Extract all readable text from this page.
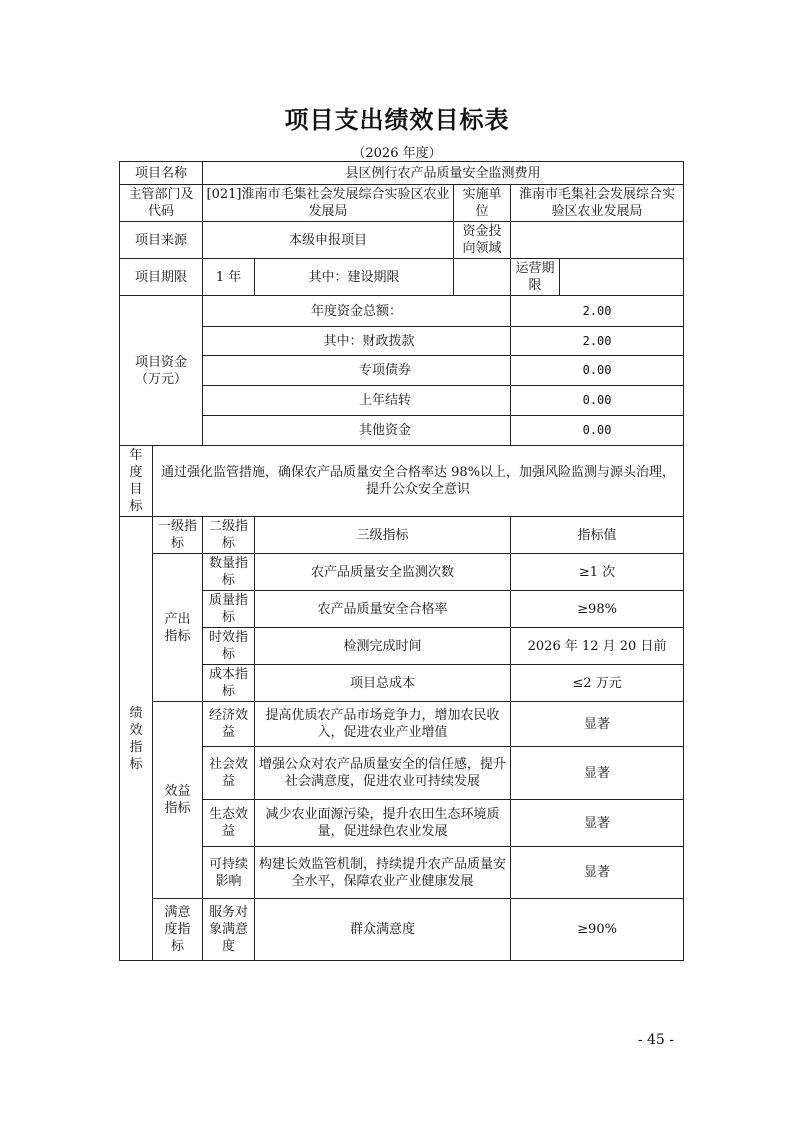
项目支出绩效目标表
（2026 年度）
项目名称		县区例行农产品质量安全监测费用				
主管部门及代码		[021]淮南市毛集社会发展综合实验区农业发展局		实施单位	淮南市毛集社会发展综合实验区农业发展局	
项目来源		本级申报项目		资金投向领域		
项目期限		1 年	其中：建设期限		运营期限	
项目资金（万元）		年度资金总额：			2.00	
		其中：财政拨款			2.00	
		专项债券			0.00	
		上年结转			0.00	
		其他资金			0.00	
年度目标	通过强化监管措施，确保农产品质量安全合格率达 98%以上，加强风险监测与源头治理，提升公众安全意识					
绩效指标	一级指标	二级指标	三级指标		指标值	
	产出指标	数量指标	农产品质量安全监测次数		≥1 次	
		质量指标	农产品质量安全合格率		≥98%	
		时效指标	检测完成时间		2026 年 12 月 20 日前	
		成本指标	项目总成本		≤2 万元	
	效益指标	经济效益	提高优质农产品市场竞争力，增加农民收入，促进农业产业增值		显著	
		社会效益	增强公众对农产品质量安全的信任感，提升社会满意度，促进农业可持续发展		显著	
		生态效益	减少农业面源污染，提升农田生态环境质量，促进绿色农业发展		显著	
		可持续影响	构建长效监管机制，持续提升农产品质量安全水平，保障农业产业健康发展		显著	
	满意度指标	服务对象满意度	群众满意度		≥90%	
- 45 -
